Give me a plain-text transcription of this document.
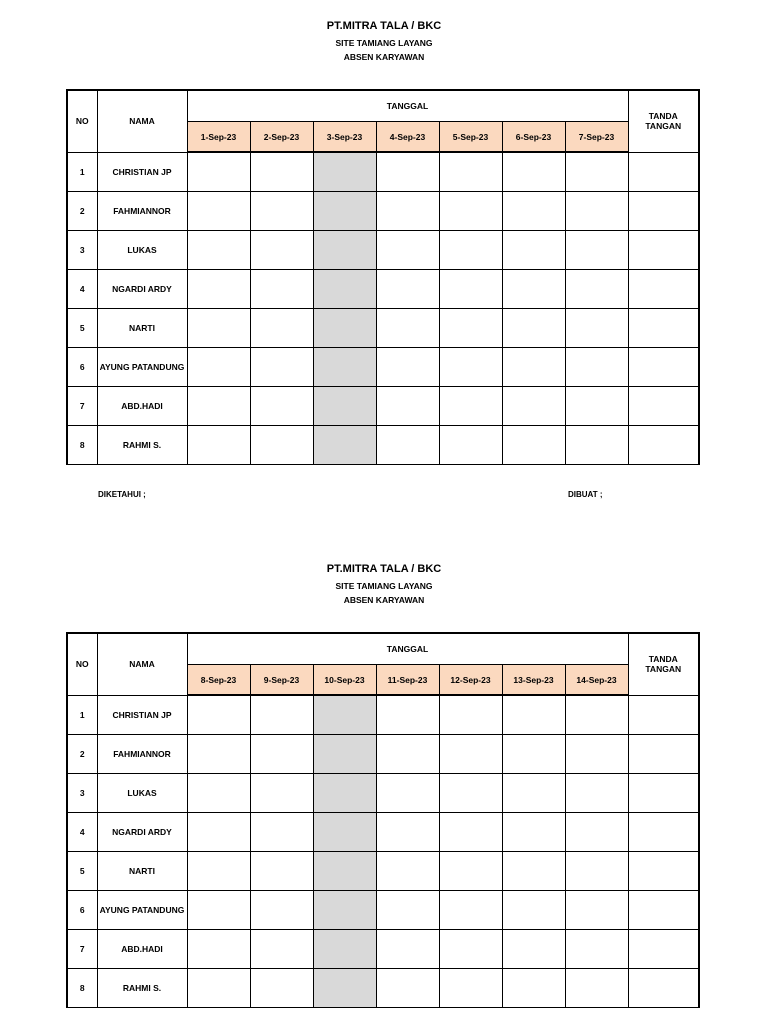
PT.MITRA TALA / BKC
SITE TAMIANG LAYANG
ABSEN KARYAWAN
NO	NAMA	TANGGAL							TANDA TANGAN
		1-Sep-23	2-Sep-23	3-Sep-23	4-Sep-23	5-Sep-23	6-Sep-23	7-Sep-23	
1	CHRISTIAN JP								
2	FAHMIANNOR								
3	LUKAS								
4	NGARDI ARDY								
5	NARTI								
6	AYUNG PATANDUNG								
7	ABD.HADI								
8	RAHMI S.								
DIKETAHUI ;	DIBUAT ;
PT.MITRA TALA / BKC
SITE TAMIANG LAYANG
ABSEN KARYAWAN
NO	NAMA	TANGGAL							TANDA TANGAN
		8-Sep-23	9-Sep-23	10-Sep-23	11-Sep-23	12-Sep-23	13-Sep-23	14-Sep-23	
1	CHRISTIAN JP								
2	FAHMIANNOR								
3	LUKAS								
4	NGARDI ARDY								
5	NARTI								
6	AYUNG PATANDUNG								
7	ABD.HADI								
8	RAHMI S.								
